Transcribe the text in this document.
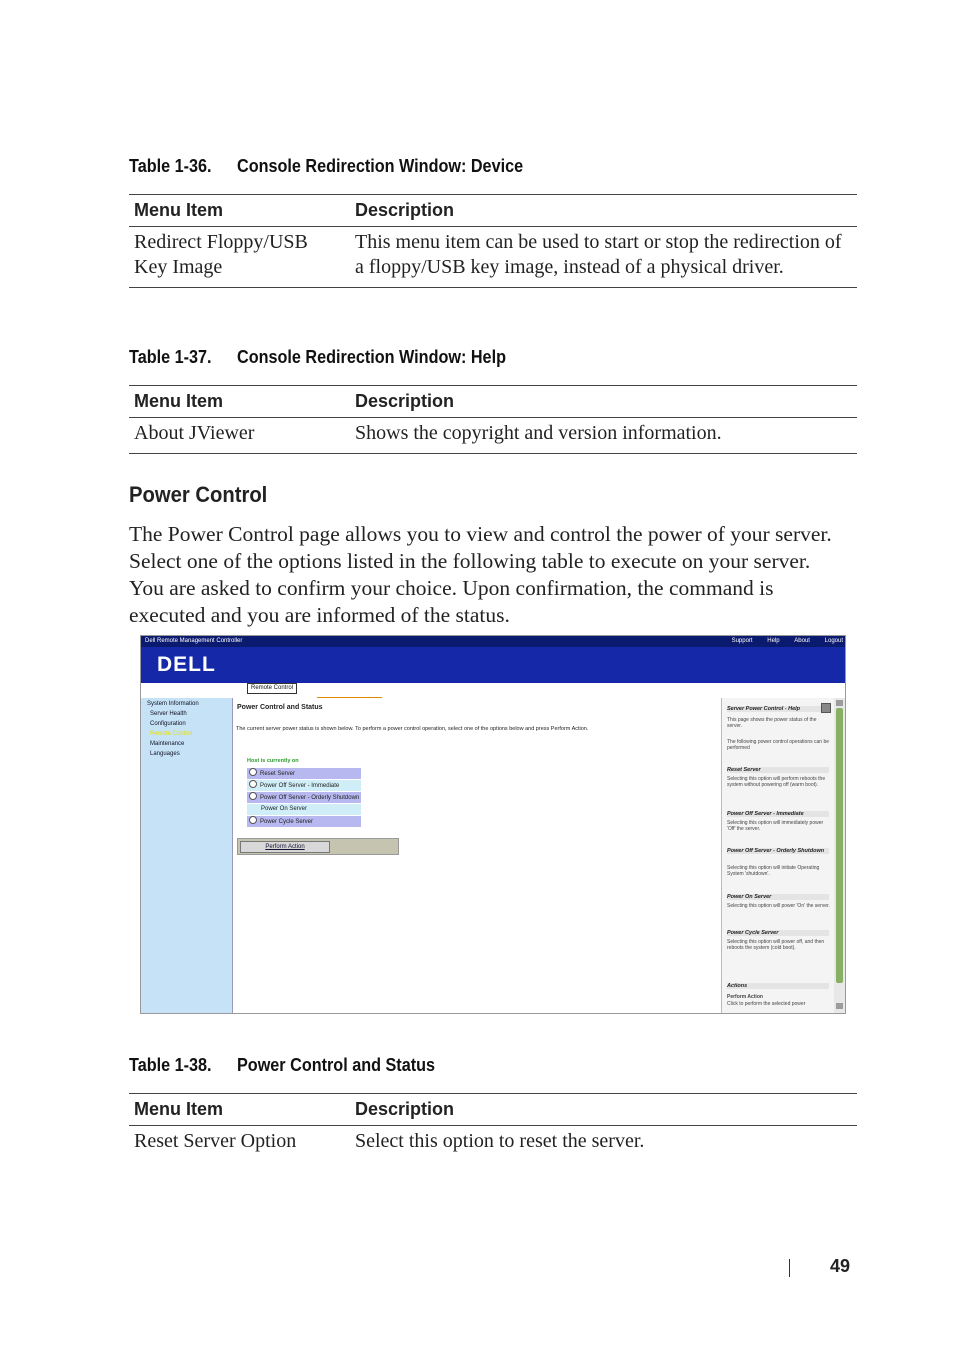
Table 1-36. Console Redirection Window: Device
Menu Item	Description
Redirect Floppy/USB Key Image	This menu item can be used to start or stop the redirection of a floppy/USB key image, instead of a physical driver.
Table 1-37. Console Redirection Window: Help
Menu Item	Description
About JViewer	Shows the copyright and version information.
Power Control

The Power Control page allows you to view and control the power of your server. Select one of the options listed in the following table to execute on your server. You are asked to confirm your choice. Upon confirmation, the command is executed and you are informed of the status.

Dell Remote Management Controller	Support Help About Logout
DELL
Remote Control
System Information
Server Health
Configuration
Remote Control
Maintenance
Languages
Power Control and Status
The current server power status is shown below. To perform a power control operation, select one of the options below and press Perform Action.
Host is currently on
Reset Server
Power Off Server - Immediate
Power Off Server - Orderly Shutdown
Power On Server
Power Cycle Server
Perform Action
Server Power Control - Help
This page shows the power status of the server.
The following power control operations can be performed
Reset Server
Selecting this option will perform reboots the system without powering off (warm boot).
Power Off Server - Immediate
Selecting this option will immediately power 'Off' the server.
Power Off Server - Orderly Shutdown
Selecting this option will initiate Operating System 'shutdown'.
Power On Server
Selecting this option will power 'On' the server.
Power Cycle Server
Selecting this option will power off, and then reboots the system (cold boot).
Actions
Perform Action
Click to perform the selected power
Table 1-38. Power Control and Status
Menu Item	Description
Reset Server Option	Select this option to reset the server.
49
